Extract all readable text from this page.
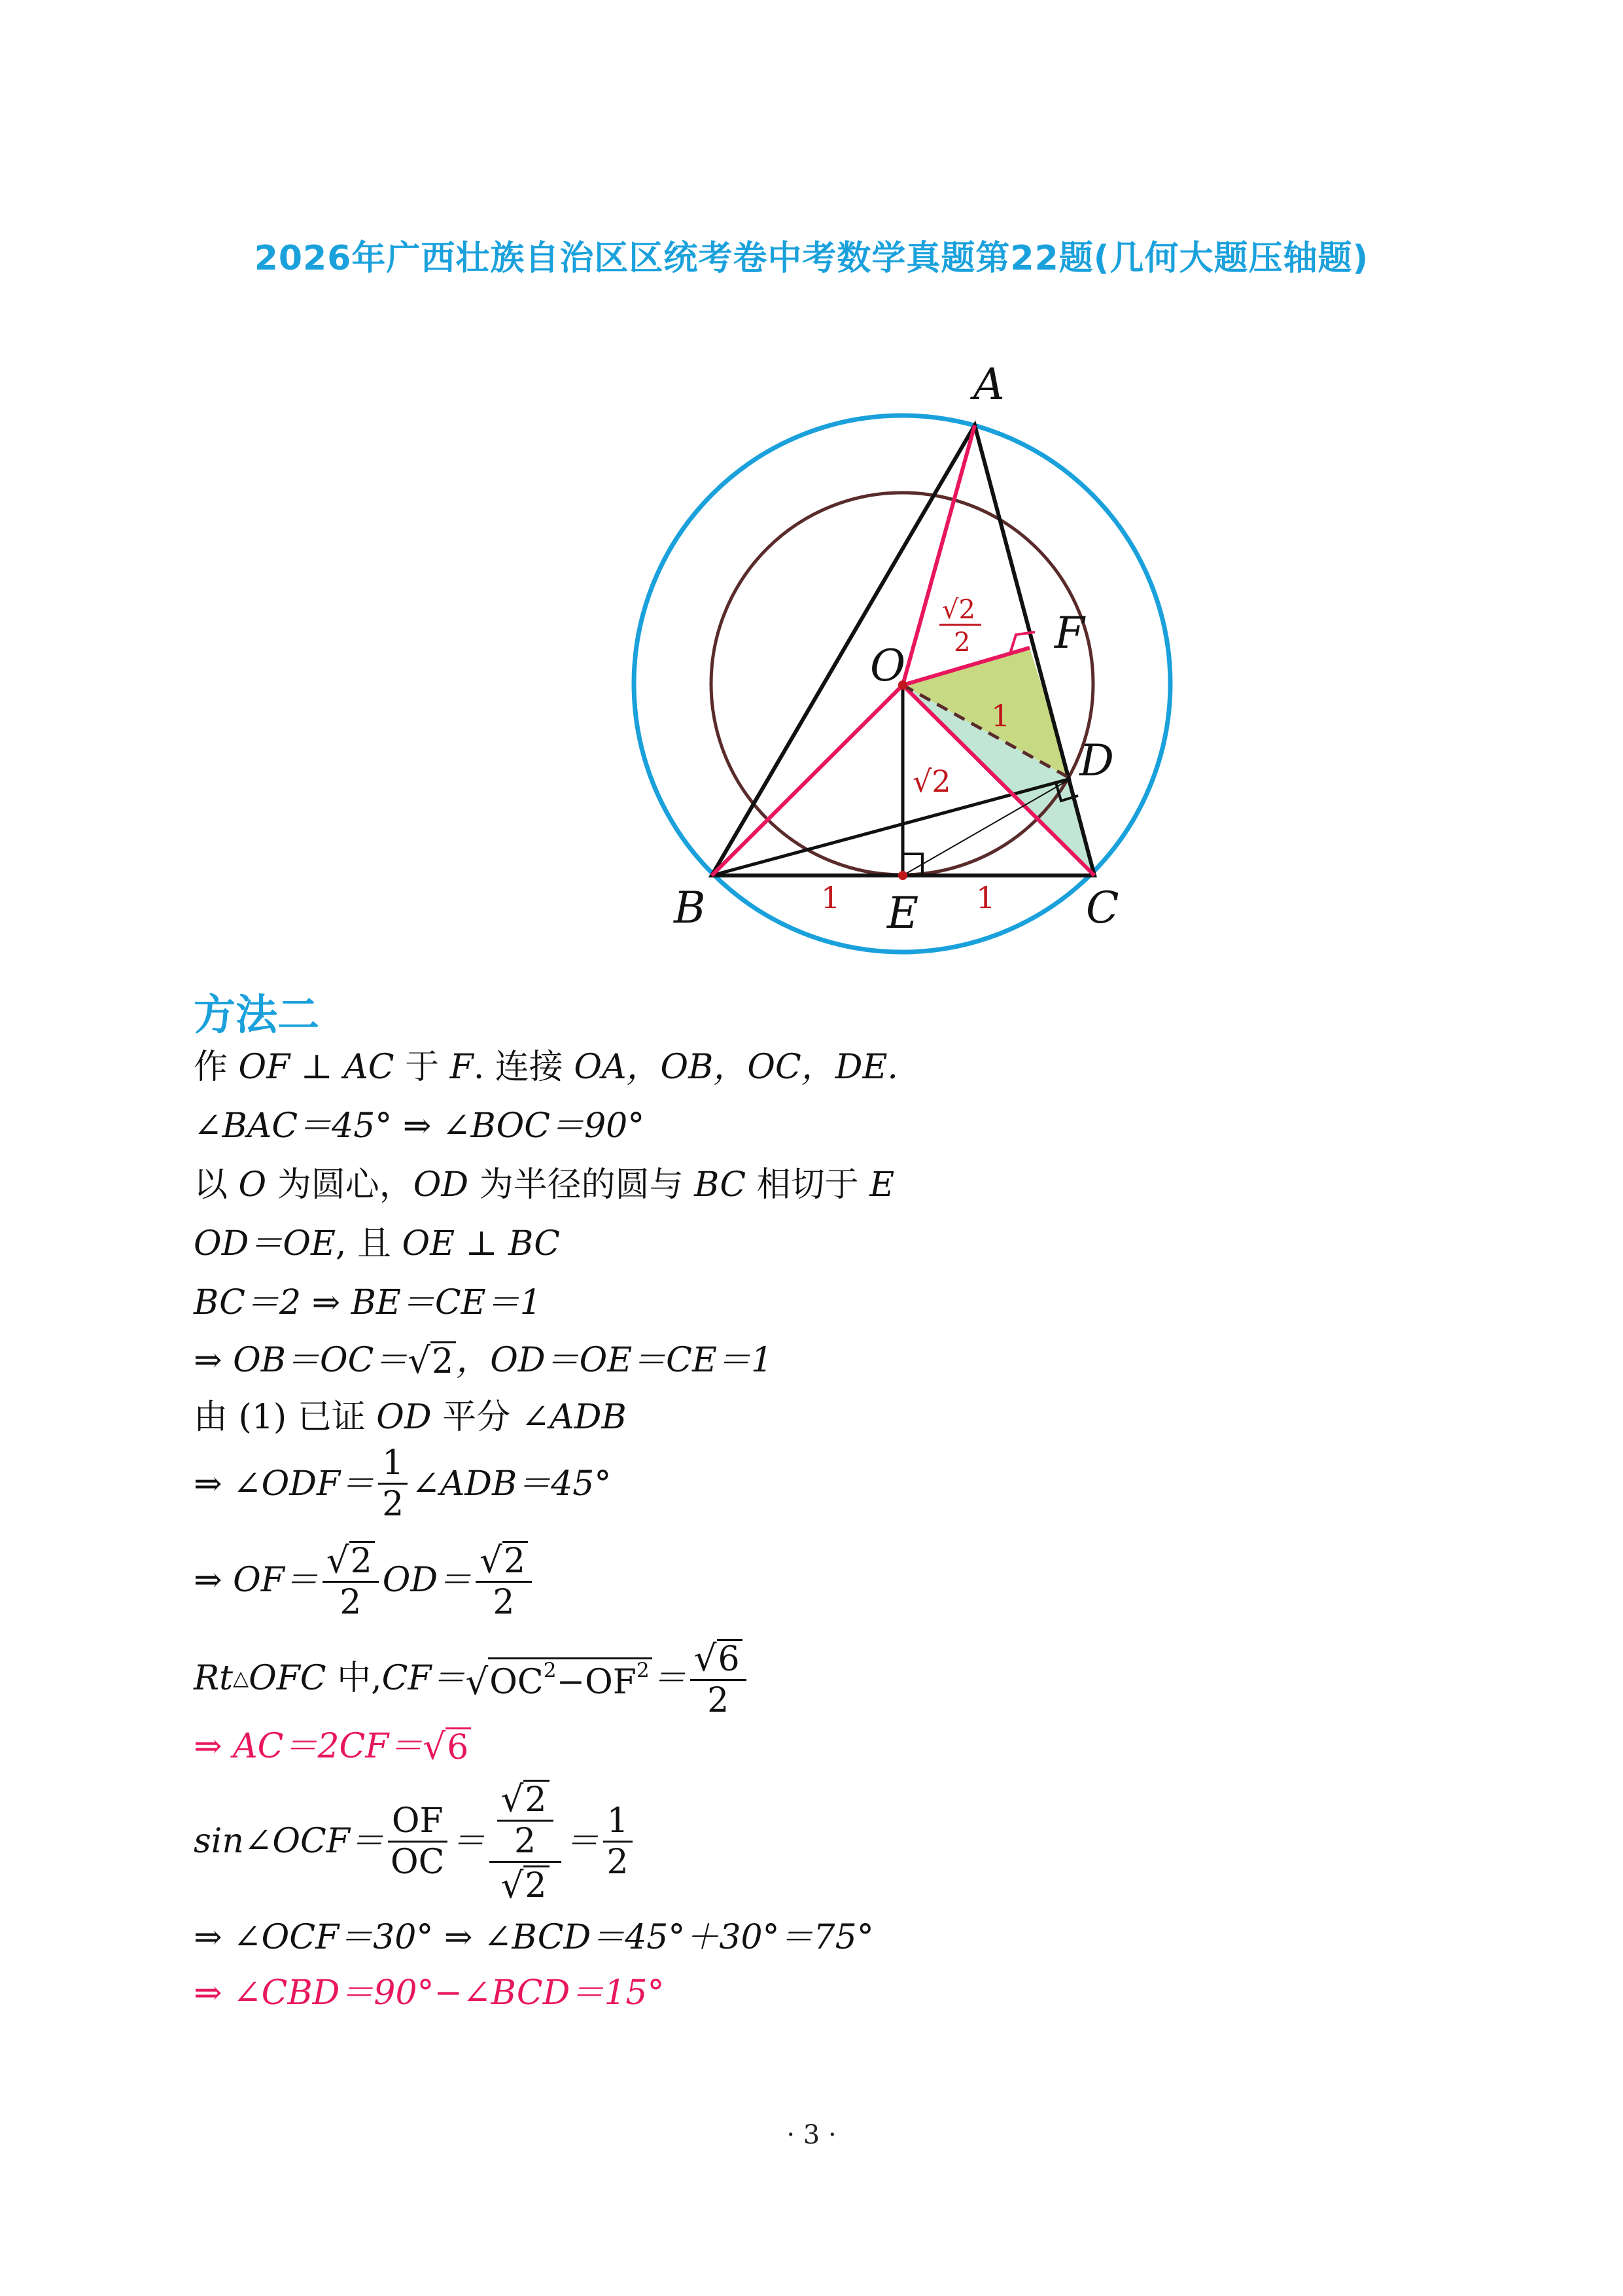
2026年广西壮族自治区区统考卷中考数学真题第22题(几何大题压轴题)
A
B	C
D
E
F
O
√2
2
1
√2
1	1
方法二
作
OF ⊥ AC
于
F . 连接
OA，OB，OC，DE.
∠BAC＝45° ⇒ ∠BOC＝90°
以
O
为圆心， OD
为半径的圆与
BC
相切于
E
OD＝OE , 且
OE ⊥ BC
BC＝2 ⇒ BE＝CE＝1
⇒ OB＝OC＝ √ 2 ，OD＝OE＝CE＝1
由 (1) 已证
OD
平分
∠ADB
⇒ ∠ODF＝ $\frac{1}{2}$ ∠ADB＝45°
⇒ $OF= \frac{√ 2}{2} OD= \frac{√ 2}{2}$
Rt △ OFC
中, CF＝ √ $OC^2-OF^2 = \frac{√ 6}{2}$
⇒ AC＝2CF＝ √ 6
sin∠OCF＝ $\frac{OF}{OC} = \frac{\frac{√ 2}{2}}{√ 2} = \frac{1}{2}$
⇒ ∠OCF＝30° ⇒ ∠BCD＝45°＋30°＝75°
⇒ ∠CBD＝90°−∠BCD＝15°
· 3 ·
